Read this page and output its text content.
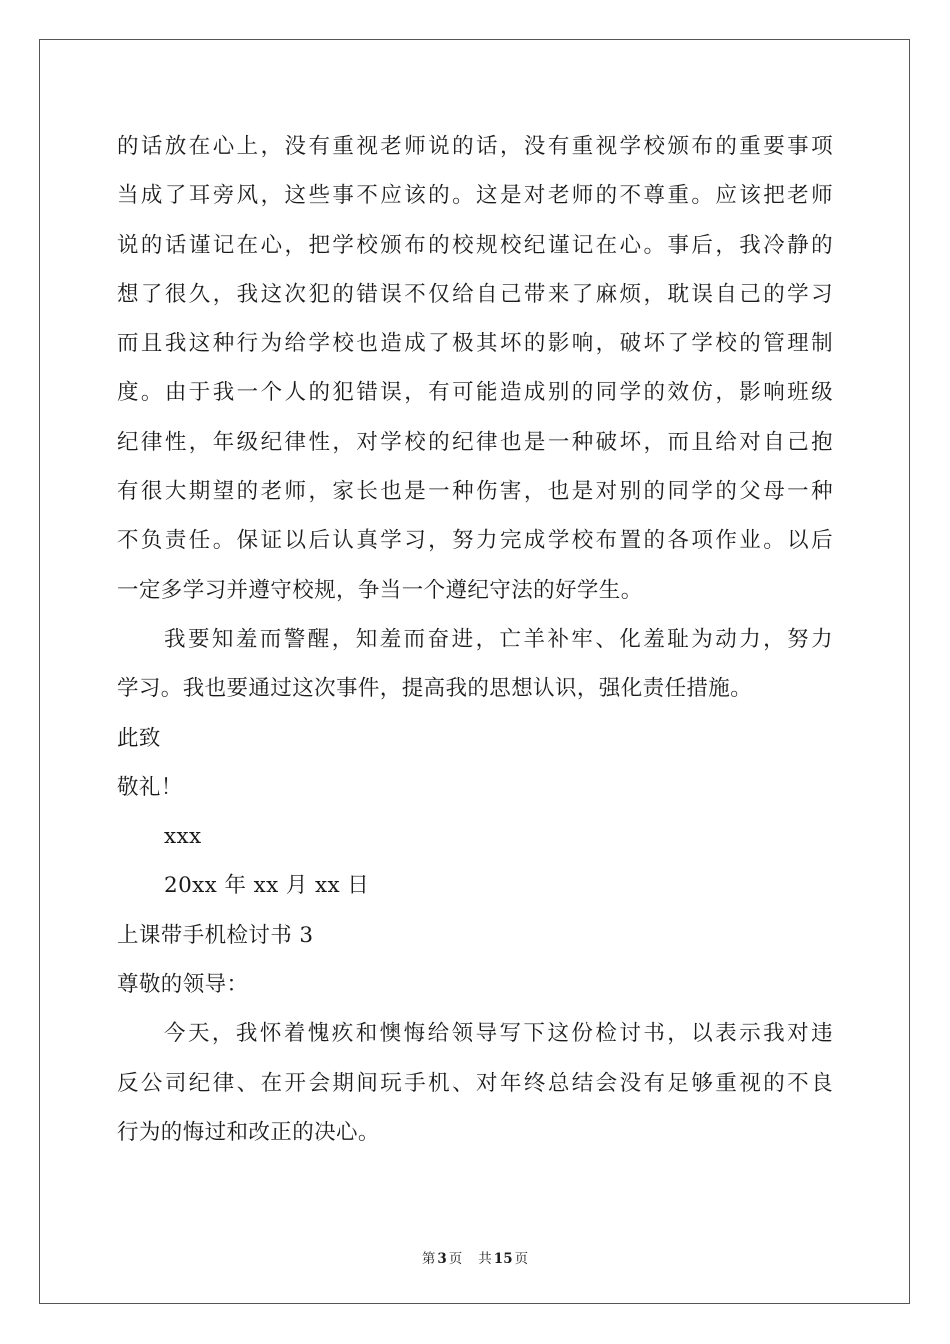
的话放在心上，没有重视老师说的话，没有重视学校颁布的重要事项
当成了耳旁风，这些事不应该的。这是对老师的不尊重。应该把老师
说的话谨记在心，把学校颁布的校规校纪谨记在心。事后，我冷静的
想了很久，我这次犯的错误不仅给自己带来了麻烦，耽误自己的学习
而且我这种行为给学校也造成了极其坏的影响，破坏了学校的管理制
度。由于我一个人的犯错误，有可能造成别的同学的效仿，影响班级
纪律性，年级纪律性，对学校的纪律也是一种破坏，而且给对自己抱
有很大期望的老师，家长也是一种伤害，也是对别的同学的父母一种
不负责任。保证以后认真学习，努力完成学校布置的各项作业。以后
一定多学习并遵守校规，争当一个遵纪守法的好学生。
我要知羞而警醒，知羞而奋进，亡羊补牢、化羞耻为动力，努力
学习。我也要通过这次事件，提高我的思想认识，强化责任措施。
此致
敬礼！
xxx
20xx 年 xx 月 xx 日
上课带手机检讨书 3
尊敬的领导：
今天，我怀着愧疚和懊悔给领导写下这份检讨书，以表示我对违
反公司纪律、在开会期间玩手机、对年终总结会没有足够重视的不良
行为的悔过和改正的决心。
第 3 页 共 15 页
